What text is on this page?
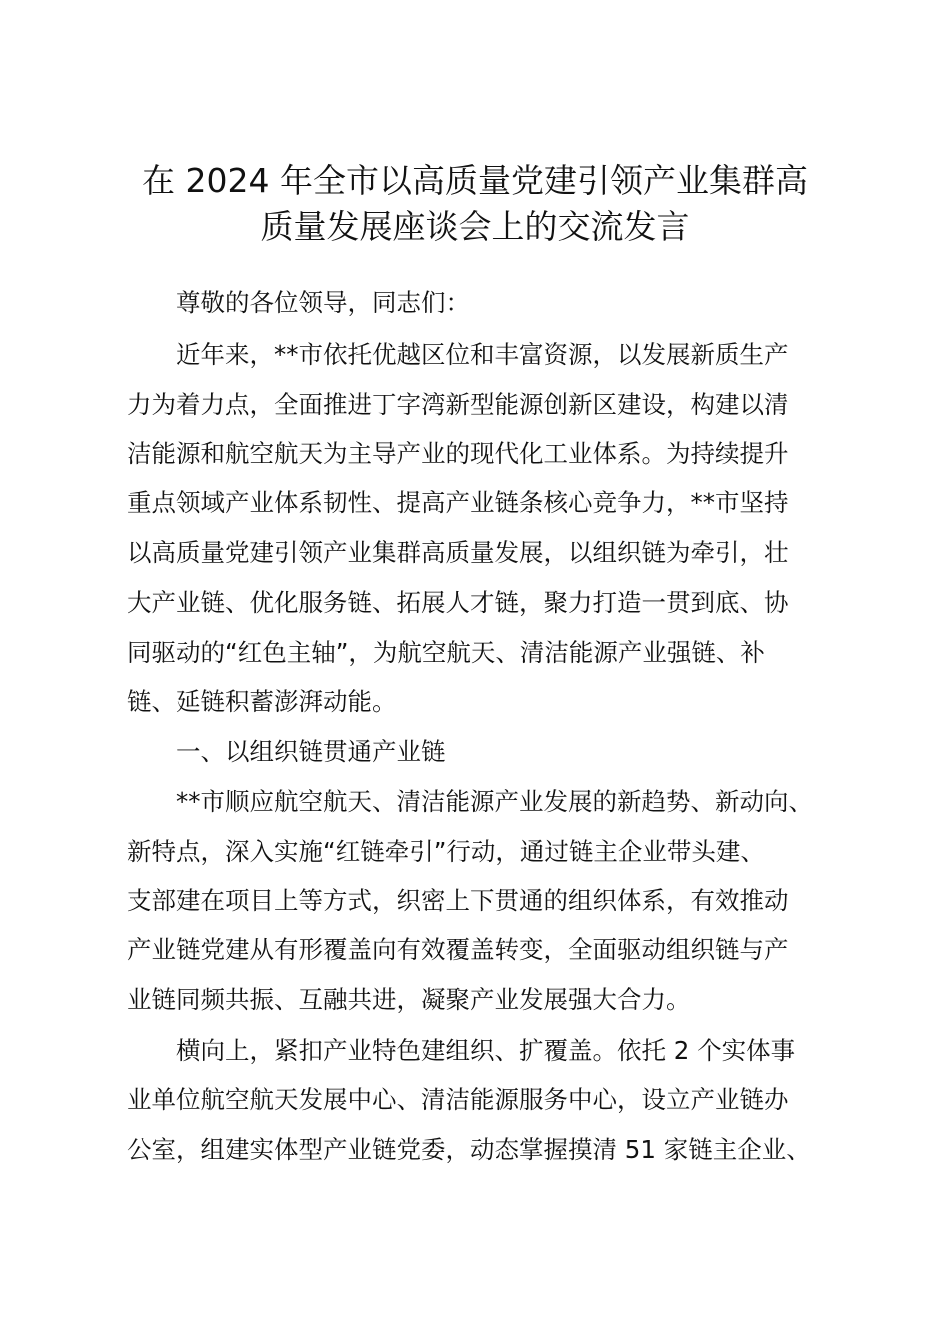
在 2024 年全市以高质量党建引领产业集群高
质量发展座谈会上的交流发言

　　尊敬的各位领导，同志们：

　　近年来，**市依托优越区位和丰富资源，以发展新质生产

力为着力点，全面推进丁字湾新型能源创新区建设，构建以清

洁能源和航空航天为主导产业的现代化工业体系。为持续提升

重点领域产业体系韧性、提高产业链条核心竞争力，**市坚持

以高质量党建引领产业集群高质量发展，以组织链为牵引，壮

大产业链、优化服务链、拓展人才链，聚力打造一贯到底、协

同驱动的“红色主轴”，为航空航天、清洁能源产业强链、补

链、延链积蓄澎湃动能。

　　一、以组织链贯通产业链

　　**市顺应航空航天、清洁能源产业发展的新趋势、新动向、

新特点，深入实施“红链牵引”行动，通过链主企业带头建、

支部建在项目上等方式，织密上下贯通的组织体系，有效推动

产业链党建从有形覆盖向有效覆盖转变，全面驱动组织链与产

业链同频共振、互融共进，凝聚产业发展强大合力。

　　横向上，紧扣产业特色建组织、扩覆盖。依托 2 个实体事

业单位航空航天发展中心、清洁能源服务中心，设立产业链办

公室，组建实体型产业链党委，动态掌握摸清 51 家链主企业、
